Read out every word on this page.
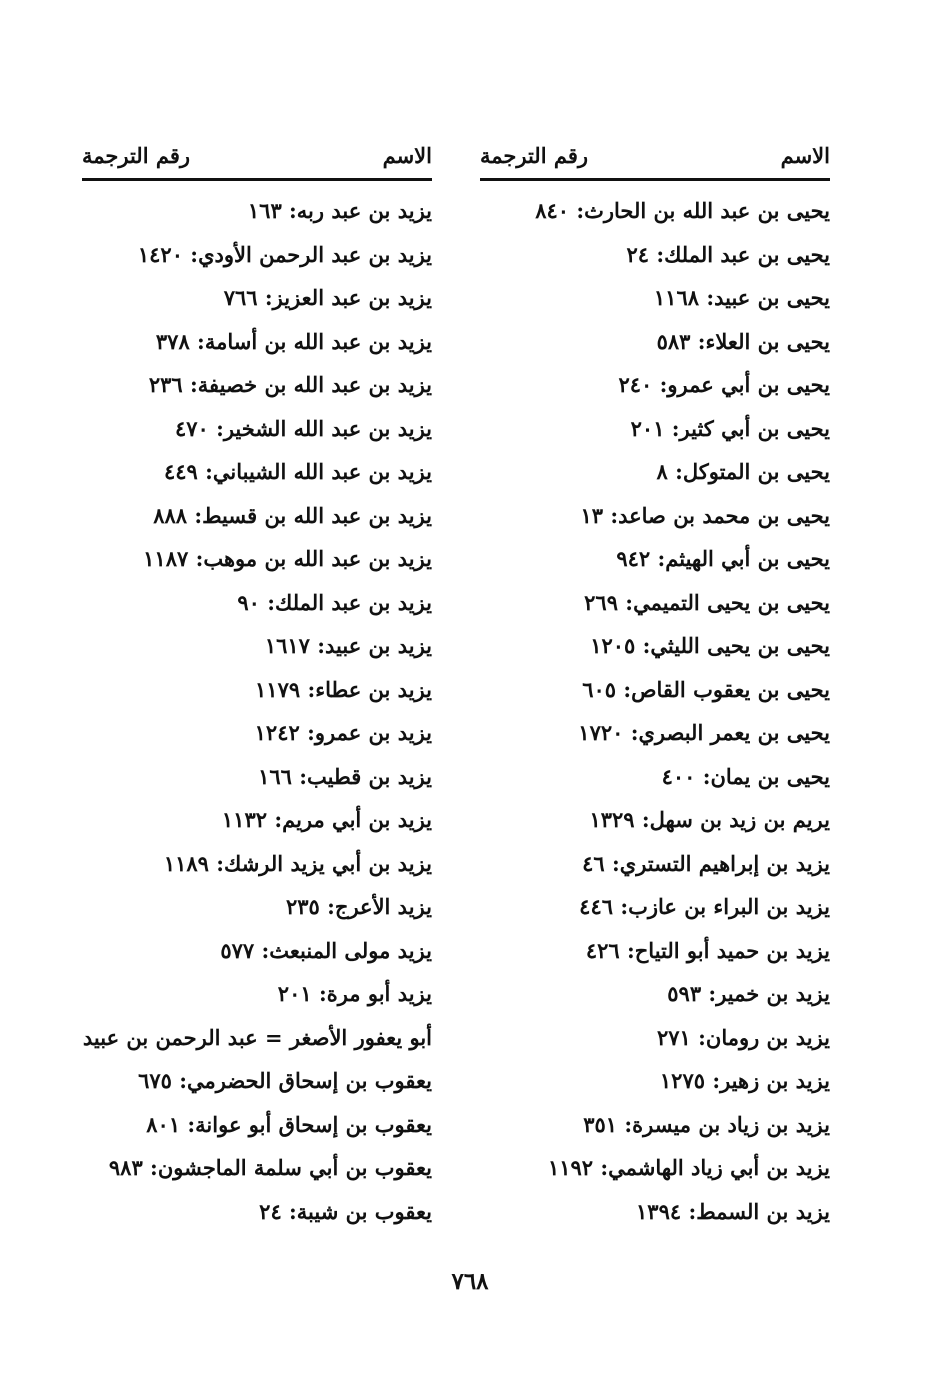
الاسم
رقم الترجمة
يحيى بن عبد الله بن الحارث: ٨٤٠
يحيى بن عبد الملك: ٢٤
يحيى بن عبيد: ١١٦٨
يحيى بن العلاء: ٥٨٣
يحيى بن أبي عمرو: ٢٤٠
يحيى بن أبي كثير: ٢٠١
يحيى بن المتوكل: ٨
يحيى بن محمد بن صاعد: ١٣
يحيى بن أبي الهيثم: ٩٤٢
يحيى بن يحيى التميمي: ٢٦٩
يحيى بن يحيى الليثي: ١٢٠٥
يحيى بن يعقوب القاص: ٦٠٥
يحيى بن يعمر البصري: ١٧٢٠
يحيى بن يمان: ٤٠٠
يريم بن زيد بن سهل: ١٣٢٩
يزيد بن إبراهيم التستري: ٤٦
يزيد بن البراء بن عازب: ٤٤٦
يزيد بن حميد أبو التياح: ٤٢٦
يزيد بن خمير: ٥٩٣
يزيد بن رومان: ٢٧١
يزيد بن زهير: ١٢٧٥
يزيد بن زياد بن ميسرة: ٣٥١
يزيد بن أبي زياد الهاشمي: ١١٩٢
يزيد بن السمط: ١٣٩٤
الاسم
رقم الترجمة
يزيد بن عبد ربه: ١٦٣
يزيد بن عبد الرحمن الأودي: ١٤٢٠
يزيد بن عبد العزيز: ٧٦٦
يزيد بن عبد الله بن أسامة: ٣٧٨
يزيد بن عبد الله بن خصيفة: ٢٣٦
يزيد بن عبد الله الشخير: ٤٧٠
يزيد بن عبد الله الشيباني: ٤٤٩
يزيد بن عبد الله بن قسيط: ٨٨٨
يزيد بن عبد الله بن موهب: ١١٨٧
يزيد بن عبد الملك: ٩٠
يزيد بن عبيد: ١٦١٧
يزيد بن عطاء: ١١٧٩
يزيد بن عمرو: ١٢٤٢
يزيد بن قطيب: ١٦٦
يزيد بن أبي مريم: ١١٣٢
يزيد بن أبي يزيد الرشك: ١١٨٩
يزيد الأعرج: ٢٣٥
يزيد مولى المنبعث: ٥٧٧
يزيد أبو مرة: ٢٠١
أبو يعفور الأصغر = عبد الرحمن بن عبيد
يعقوب بن إسحاق الحضرمي: ٦٧٥
يعقوب بن إسحاق أبو عوانة: ٨٠١
يعقوب بن أبي سلمة الماجشون: ٩٨٣
يعقوب بن شيبة: ٢٤
٧٦٨
